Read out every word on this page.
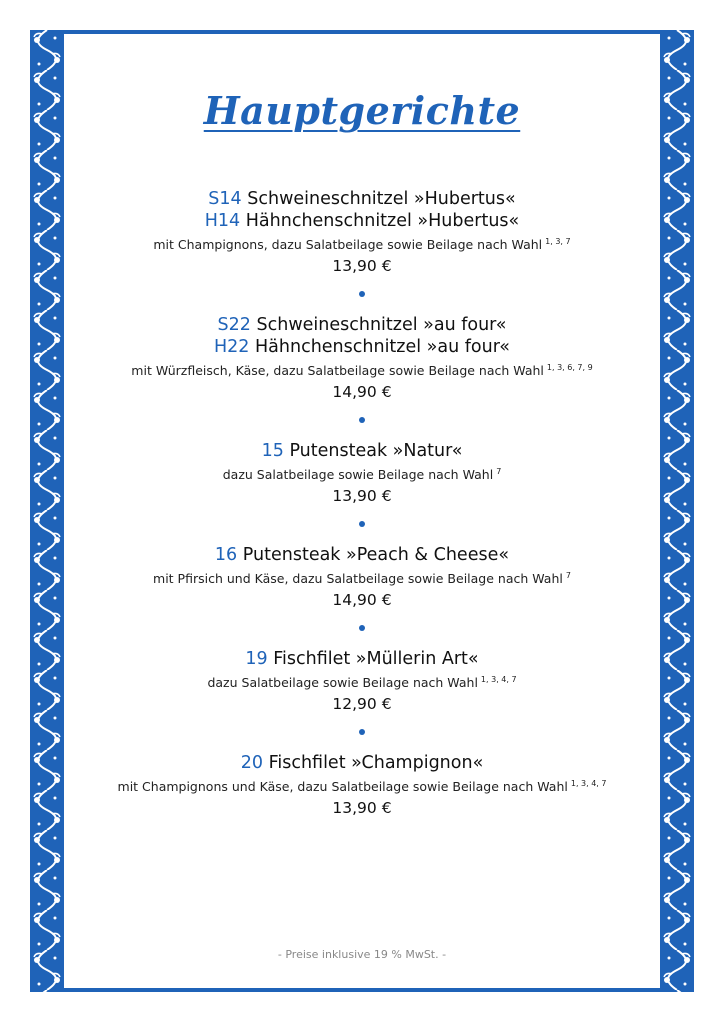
Hauptgerichte
S14 Schweineschnitzel »Hubertus«
H14 Hähnchenschnitzel »Hubertus«
mit Champignons, dazu Salatbeilage sowie Beilage nach Wahl $^{1, 3, 7}$
13,90 €
S22 Schweineschnitzel »au four«
H22 Hähnchenschnitzel »au four«
mit Würzfleisch, Käse, dazu Salatbeilage sowie Beilage nach Wahl $^{1, 3, 6, 7, 9}$
14,90 €
15 Putensteak »Natur«
dazu Salatbeilage sowie Beilage nach Wahl $^7$
13,90 €
16 Putensteak »Peach & Cheese«
mit Pfirsich und Käse, dazu Salatbeilage sowie Beilage nach Wahl $^7$
14,90 €
19 Fischfilet »Müllerin Art«
dazu Salatbeilage sowie Beilage nach Wahl $^{1, 3, 4, 7}$
12,90 €
20 Fischfilet »Champignon«
mit Champignons und Käse, dazu Salatbeilage sowie Beilage nach Wahl $^{1, 3, 4, 7}$
13,90 €
- Preise inklusive 19 % MwSt. -
